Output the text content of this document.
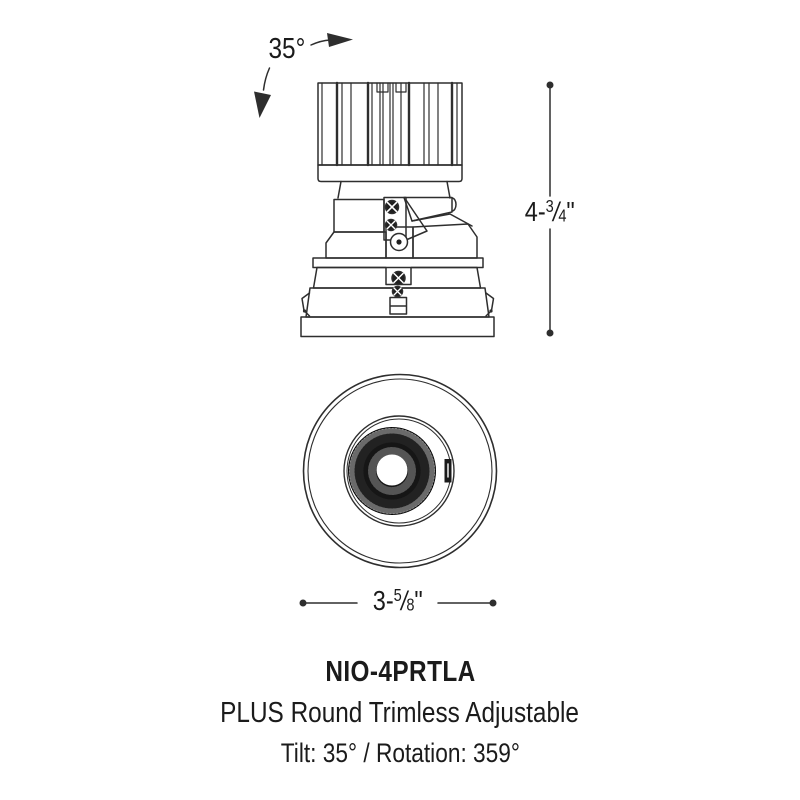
35°
$4-^3/_4$"
$3-^5/_8$"
NIO-4PRTLA
PLUS Round Trimless Adjustable
Tilt: 35° / Rotation: 359°
